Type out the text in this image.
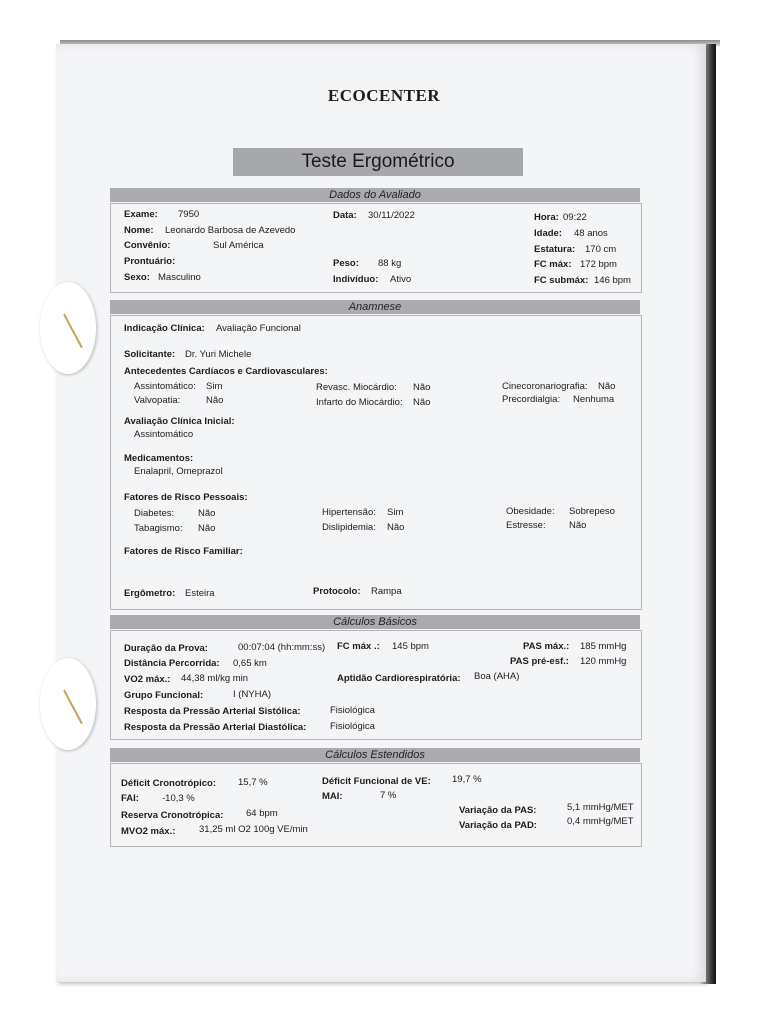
ECOCENTER
Teste Ergométrico
Dados do Avaliado
Exame: 7950
Nome: Leonardo Barbosa de Azevedo
Convênio:	Sul América
Prontuário:
Sexo: Masculino
Data: 30/11/2022
Peso: 88 kg
Indivíduo: Ativo
Hora: 09:22
Idade: 48 anos
Estatura: 170 cm
FC máx: 172 bpm
FC submáx: 146 bpm
Anamnese
Indicação Clínica: Avaliação Funcional
Solicitante: Dr. Yuri Michele
Antecedentes Cardíacos e Cardiovasculares:
Assintomático: Sim
Valvopatia:	Não
Revasc. Miocárdio: Não
Infarto do Miocárdio: Não
Cinecoronariografia: Não
Precordialgia: Nenhuma
Avaliação Clínica Inicial:
Assintomático
Medicamentos:
Enalapril, Omeprazol
Fatores de Risco Pessoais:
Diabetes:	Não
Tabagismo: Não
Hipertensão: Sim
Dislipidemia: Não
Obesidade: Sobrepeso
Estresse: Não
Fatores de Risco Familiar:
Ergômetro: Esteira	Protocolo: Rampa
Cálculos Básicos
Duração da Prova:	00:07:04 (hh:mm:ss) FC máx .: 145 bpm	PAS máx.: 185 mmHg
Distância Percorrida: 0,65 km	PAS pré-esf.: 120 mmHg
VO2 máx.: 44,38 ml/kg min	Aptidão Cardiorespiratória: Boa (AHA)
Grupo Funcional:	I (NYHA)
Resposta da Pressão Arterial Sistólica:	Fisiológica
Resposta da Pressão Arterial Diastólica: Fisiológica
Cálculos Estendidos
Déficit Cronotrópico: 15,7 %	Déficit Funcional de VE: 19,7 %
FAI: -10,3 %	MAI:	7 %
Reserva Cronotrópica: 64 bpm
MVO2 máx.: 31,25 ml O2 100g VE/min
Variação da PAS:	5,1 mmHg/MET
Variação da PAD:	0,4 mmHg/MET
